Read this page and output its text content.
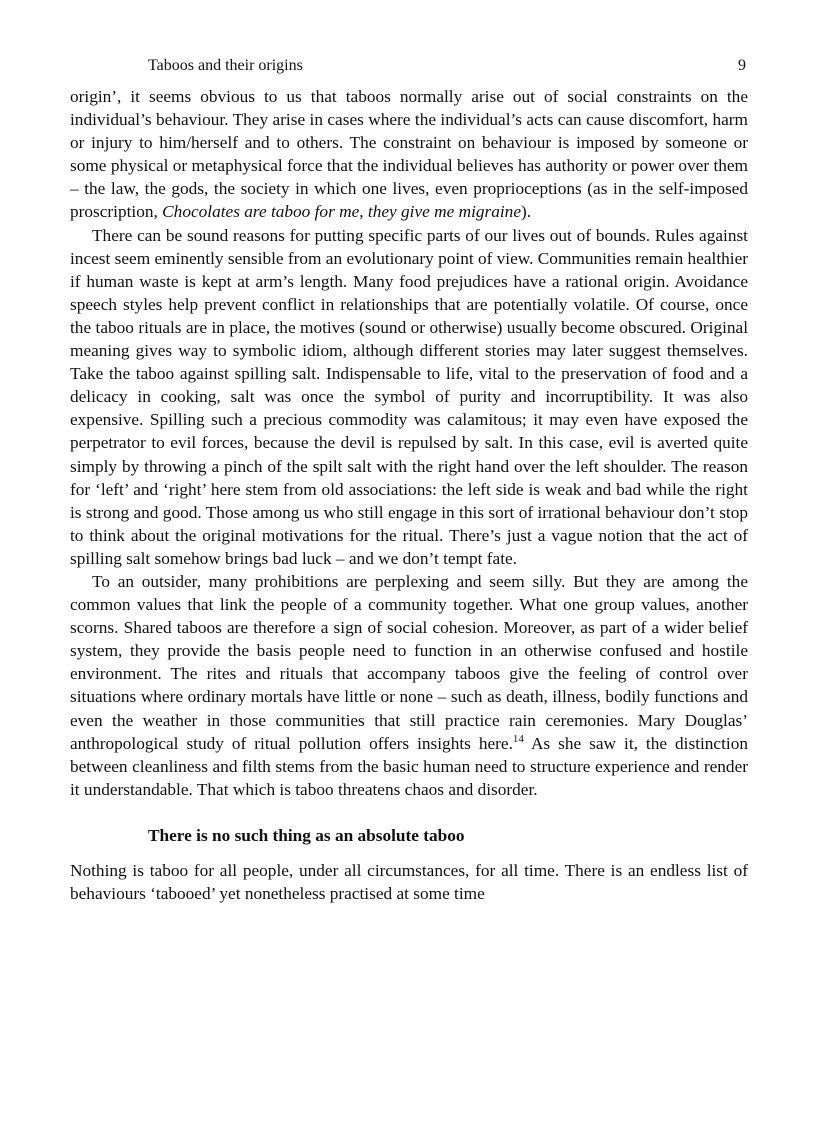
Taboos and their origins	9

origin’, it seems obvious to us that taboos normally arise out of social constraints on the individual’s behaviour. They arise in cases where the individual’s acts can cause discomfort, harm or injury to him/herself and to others. The constraint on behaviour is imposed by someone or some physical or metaphysical force that the individual believes has authority or power over them – the law, the gods, the society in which one lives, even proprioceptions (as in the self-imposed proscription, Chocolates are taboo for me, they give me migraine).

There can be sound reasons for putting specific parts of our lives out of bounds. Rules against incest seem eminently sensible from an evolutionary point of view. Communities remain healthier if human waste is kept at arm’s length. Many food prejudices have a rational origin. Avoidance speech styles help prevent conflict in relationships that are potentially volatile. Of course, once the taboo rituals are in place, the motives (sound or otherwise) usually become obscured. Original meaning gives way to symbolic idiom, although different stories may later suggest themselves. Take the taboo against spilling salt. Indispensable to life, vital to the preservation of food and a delicacy in cooking, salt was once the symbol of purity and incorruptibility. It was also expensive. Spilling such a precious commodity was calamitous; it may even have exposed the perpetrator to evil forces, because the devil is repulsed by salt. In this case, evil is averted quite simply by throwing a pinch of the spilt salt with the right hand over the left shoulder. The reason for ‘left’ and ‘right’ here stem from old associations: the left side is weak and bad while the right is strong and good. Those among us who still engage in this sort of irrational behaviour don’t stop to think about the original motivations for the ritual. There’s just a vague notion that the act of spilling salt somehow brings bad luck – and we don’t tempt fate.

To an outsider, many prohibitions are perplexing and seem silly. But they are among the common values that link the people of a community together. What one group values, another scorns. Shared taboos are therefore a sign of social cohesion. Moreover, as part of a wider belief system, they provide the basis people need to function in an otherwise confused and hostile environment. The rites and rituals that accompany taboos give the feeling of control over situations where ordinary mortals have little or none – such as death, illness, bodily functions and even the weather in those communities that still practice rain ceremonies. Mary Douglas’ anthropological study of ritual pollution offers insights here.$^{14}$ As she saw it, the distinction between cleanliness and filth stems from the basic human need to structure experience and render it understandable. That which is taboo threatens chaos and disorder.

There is no such thing as an absolute taboo

Nothing is taboo for all people, under all circumstances, for all time. There is an endless list of behaviours ‘tabooed’ yet nonetheless practised at some time
